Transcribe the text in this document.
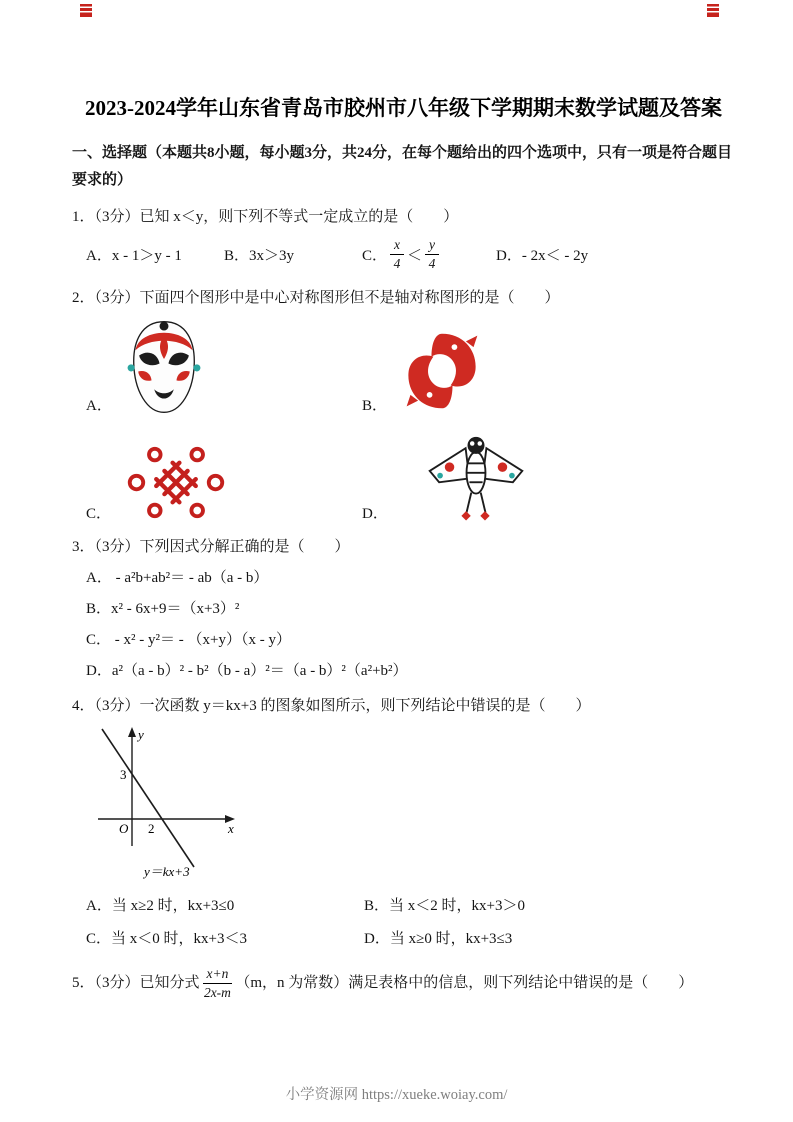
2023-2024学年山东省青岛市胶州市八年级下学期期末数学试题及答案

一、选择题（本题共8小题，每小题3分，共24分，在每个题给出的四个选项中，只有一项是符合题目要求的）

1．（3分）已知 x＜y，则下列不等式一定成立的是（　　）

A．x - 1＞y - 1	B．3x＞3y	C． $\frac{x}{4} < \frac{y}{4}$	D．- 2x＜ - 2y

2．（3分）下面四个图形中是中心对称图形但不是轴对称图形的是（　　）

A．	B．
C．	D．

3．（3分）下列因式分解正确的是（　　）

A． - a²b+ab²＝ - ab（a - b）

B．x² - 6x+9＝（x+3）²

C． - x² - y²＝ - （x+y）（x - y）

D．a²（a - b）² - b²（b - a）²＝（a - b）²（a²+b²）

4．（3分）一次函数 y＝kx+3 的图象如图所示，则下列结论中错误的是（　　）

y
x
O
3
2
y＝kx+3
A．当 x≥2 时，kx+3≤0	B．当 x＜2 时，kx+3＞0
C．当 x＜0 时，kx+3＜3	D．当 x≥0 时，kx+3≤3
5．（3分）已知分式 $\frac{x+n}{2x-m} (m$，n 为常数）满足表格中的信息，则下列结论中错误的是（　　）

小学资源网 https://xueke.woiay.com/
